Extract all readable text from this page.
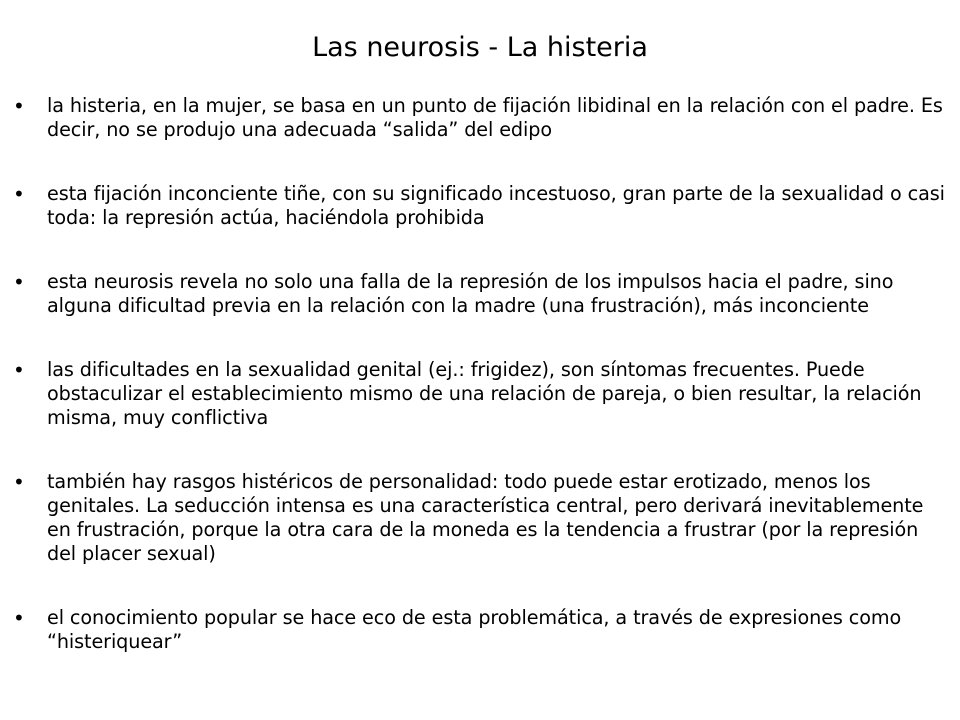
Las neurosis - La histeria
• la histeria, en la mujer, se basa en un punto de fijación libidinal en la relación con el padre. Es decir, no se produjo una adecuada “salida” del edipo
• esta fijación inconciente tiñe, con su significado incestuoso, gran parte de la sexualidad o casi toda: la represión actúa, haciéndola prohibida
• esta neurosis revela no solo una falla de la represión de los impulsos hacia el padre, sino alguna dificultad previa en la relación con la madre (una frustración), más inconciente
• las dificultades en la sexualidad genital (ej.: frigidez), son síntomas frecuentes. Puede obstaculizar el establecimiento mismo de una relación de pareja, o bien resultar, la relación misma, muy conflictiva
• también hay rasgos histéricos de personalidad: todo puede estar erotizado, menos los genitales. La seducción intensa es una característica central, pero derivará inevitablemente en frustración, porque la otra cara de la moneda es la tendencia a frustrar (por la represión del placer sexual)
• el conocimiento popular se hace eco de esta problemática, a través de expresiones como “histeriquear”
